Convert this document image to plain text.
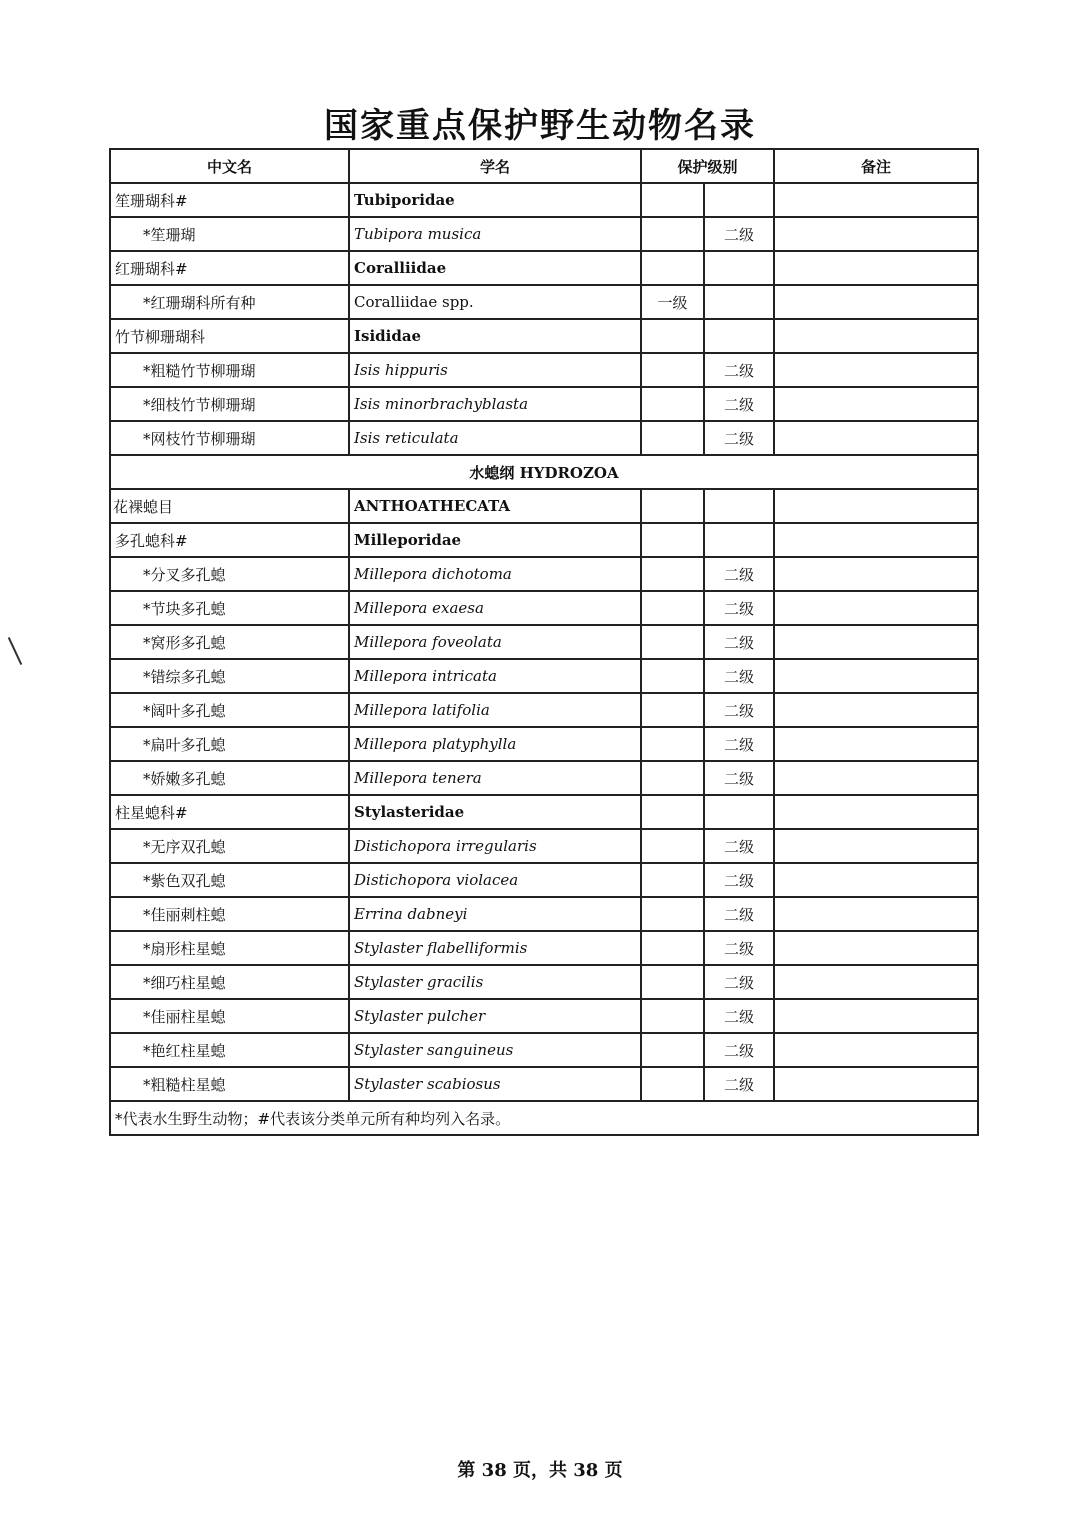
国家重点保护野生动物名录
中文名	学名	保护级别		备注
笙珊瑚科#	Tubiporidae			
*笙珊瑚	Tubipora musica		二级	
红珊瑚科#	Coralliidae			
*红珊瑚科所有种	Coralliidae spp.	一级		
竹节柳珊瑚科	Isididae			
*粗糙竹节柳珊瑚	Isis hippuris		二级	
*细枝竹节柳珊瑚	Isis minorbrachyblasta		二级	
*网枝竹节柳珊瑚	Isis reticulata		二级	
水螅纲 HYDROZOA				
花裸螅目	ANTHOATHECATA			
多孔螅科#	Milleporidae			
*分叉多孔螅	Millepora dichotoma		二级	
*节块多孔螅	Millepora exaesa		二级	
*窝形多孔螅	Millepora foveolata		二级	
*错综多孔螅	Millepora intricata		二级	
*阔叶多孔螅	Millepora latifolia		二级	
*扁叶多孔螅	Millepora platyphylla		二级	
*娇嫩多孔螅	Millepora tenera		二级	
柱星螅科#	Stylasteridae			
*无序双孔螅	Distichopora irregularis		二级	
*紫色双孔螅	Distichopora violacea		二级	
*佳丽刺柱螅	Errina dabneyi		二级	
*扇形柱星螅	Stylaster flabelliformis		二级	
*细巧柱星螅	Stylaster gracilis		二级	
*佳丽柱星螅	Stylaster pulcher		二级	
*艳红柱星螅	Stylaster sanguineus		二级	
*粗糙柱星螅	Stylaster scabiosus		二级	
*代表水生野生动物；#代表该分类单元所有种均列入名录。				
第 38 页，共 38 页
